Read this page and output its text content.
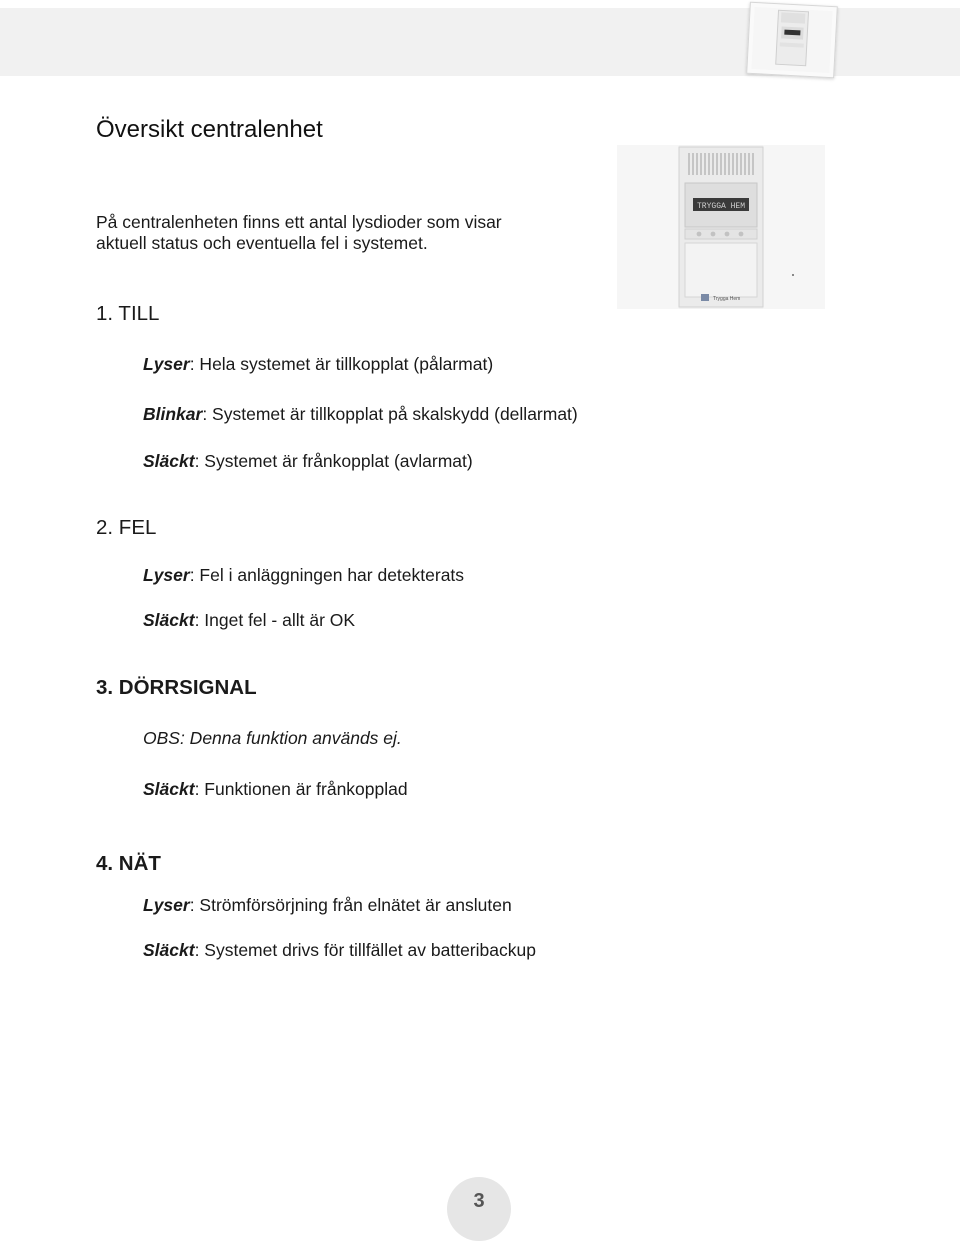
Översikt centralenhet

På centralenheten finns ett antal lysdioder som visar aktuell status och eventuella fel i systemet.

TRYGGA HEM
Trygga Hem
1. TILL

Lyser: Hela systemet är tillkopplat (pålarmat)

Blinkar: Systemet är tillkopplat på skalskydd (dellarmat)

Släckt: Systemet är frånkopplat (avlarmat)

2. FEL

Lyser: Fel i anläggningen har detekterats

Släckt: Inget fel - allt är OK

3. DÖRRSIGNAL

OBS: Denna funktion används ej.

Släckt: Funktionen är frånkopplad

4. NÄT

Lyser: Strömförsörjning från elnätet är ansluten

Släckt: Systemet drivs för tillfället av batteribackup

3
